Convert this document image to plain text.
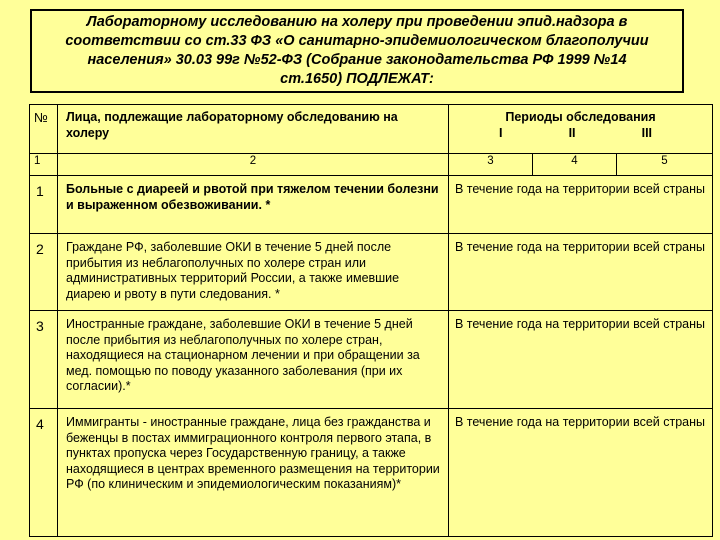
Лабораторному исследованию на холеру при проведении эпид.надзора в
соответствии со ст.33 ФЗ «О санитарно-эпидемиологическом благополучии
населения» 30.03 99г №52-ФЗ (Собрание законодательства РФ 1999 №14
ст.1650) ПОДЛЕЖАТ:
№	Лица, подлежащие лабораторному обследованию на холеру	Периоды обследования
I II III		

1	2	3	4	5
1	Больные с диареей и рвотой при тяжелом течении болезни и выраженном обезвоживании. *	В течение года на территории всей страны		
2	Граждане РФ, заболевшие ОКИ в течение 5 дней после прибытия из неблагополучных по холере стран или административных территорий России, а также имевшие диарею и рвоту в пути следования. *	В течение года на территории всей страны		
3	Иностранные граждане, заболевшие ОКИ в течение 5 дней после прибытия из неблагополучных по холере стран, находящиеся на стационарном лечении и при обращении за мед. помощью по поводу указанного заболевания (при их согласии).*	В течение года на территории всей страны		
4	Иммигранты - иностранные граждане, лица без гражданства и беженцы в постах иммиграционного контроля первого этапа, в пунктах пропуска через Государственную границу, а также находящиеся в центрах временного размещения на территории РФ (по клиническим и эпидемиологическим показаниям)*	В течение года на территории всей страны		
